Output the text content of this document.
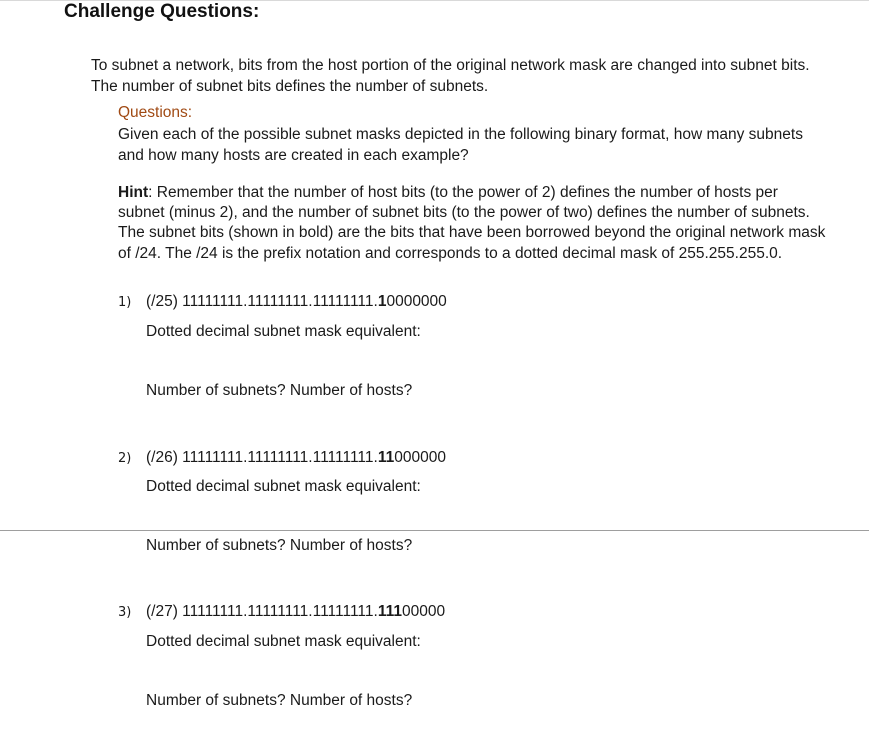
Challenge Questions:
To subnet a network, bits from the host portion of the original network mask are changed into subnet bits. The number of subnet bits defines the number of subnets.
Questions:
Given each of the possible subnet masks depicted in the following binary format, how many subnets and how many hosts are created in each example?
Hint: Remember that the number of host bits (to the power of 2) defines the number of hosts per subnet (minus 2), and the number of subnet bits (to the power of two) defines the number of subnets. The subnet bits (shown in bold) are the bits that have been borrowed beyond the original network mask of /24. The /24 is the prefix notation and corresponds to a dotted decimal mask of 255.255.255.0.
1) (/25) 11111111.11111111.11111111.10000000
Dotted decimal subnet mask equivalent:
Number of subnets? Number of hosts?
2) (/26) 11111111.11111111.11111111.11000000
Dotted decimal subnet mask equivalent:
Number of subnets? Number of hosts?
3) (/27) 11111111.11111111.11111111.11100000
Dotted decimal subnet mask equivalent:
Number of subnets? Number of hosts?
